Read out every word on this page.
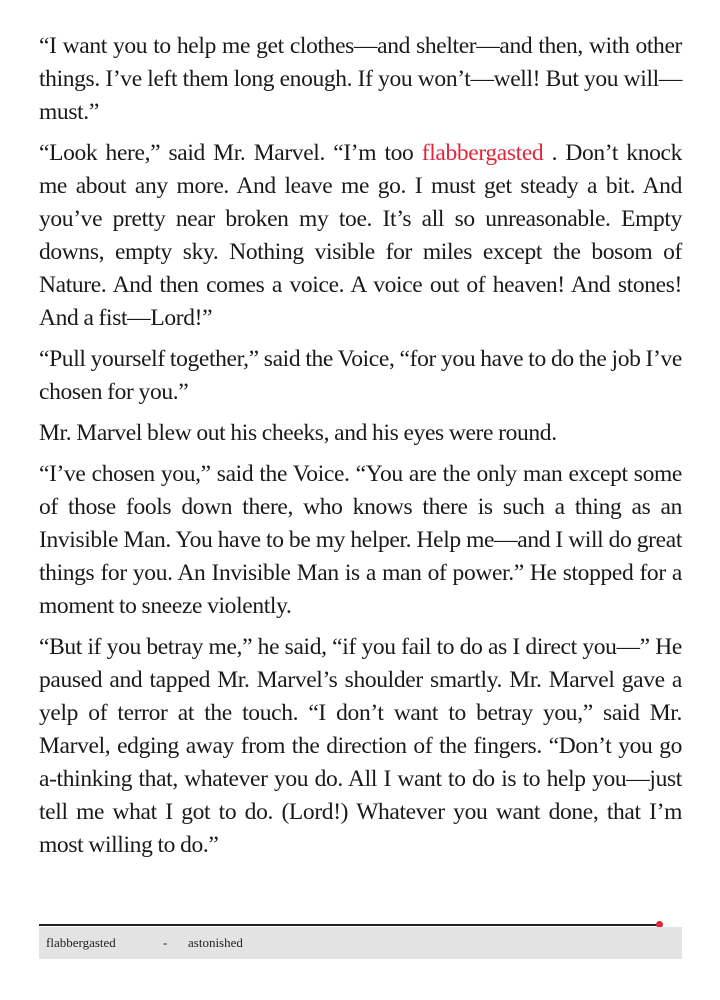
“I want you to help me get clothes—and shelter—and then, with other things. I’ve left them long enough. If you won’t—well! But you will—must.”

“Look here,” said Mr. Marvel. “I’m too flabbergasted . Don’t knock me about any more. And leave me go. I must get steady a bit. And you’ve pretty near broken my toe. It’s all so unreasonable. Empty downs, empty sky. Nothing visible for miles except the bosom of Nature. And then comes a voice. A voice out of heaven! And stones! And a fist—Lord!”

“Pull yourself together,” said the Voice, “for you have to do the job I’ve chosen for you.”

Mr. Marvel blew out his cheeks, and his eyes were round.

“I’ve chosen you,” said the Voice. “You are the only man except some of those fools down there, who knows there is such a thing as an Invisible Man. You have to be my helper. Help me—and I will do great things for you. An Invisible Man is a man of power.” He stopped for a moment to sneeze violently.

“But if you betray me,” he said, “if you fail to do as I direct you—” He paused and tapped Mr. Marvel’s shoulder smartly. Mr. Marvel gave a yelp of terror at the touch. “I don’t want to betray you,” said Mr. Marvel, edging away from the direction of the fingers. “Don’t you go a-thinking that, whatever you do. All I want to do is to help you—just tell me what I got to do. (Lord!) Whatever you want done, that I’m most willing to do.”

flabbergasted	- astonished
